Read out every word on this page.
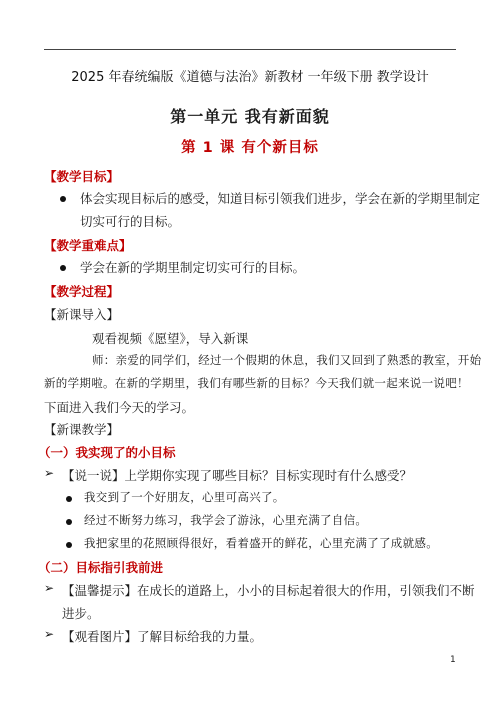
2025 年春统编版《道德与法治》新教材 一年级下册 教学设计
第一单元 我有新面貌
第 1 课 有个新目标
【教学目标】
体会实现目标后的感受，知道目标引领我们进步，学会在新的学期里制定
切实可行的目标。
【教学重难点】
学会在新的学期里制定切实可行的目标。
【教学过程】
【新课导入】
观看视频《愿望》，导入新课
师：亲爱的同学们，经过一个假期的休息，我们又回到了熟悉的教室，开始
新的学期啦。在新的学期里，我们有哪些新的目标？今天我们就一起来说一说吧！
下面进入我们今天的学习。
【新课教学】
（一）我实现了的小目标
➢ 【说一说】上学期你实现了哪些目标？目标实现时有什么感受？
我交到了一个好朋友，心里可高兴了。
经过不断努力练习，我学会了游泳，心里充满了自信。
我把家里的花照顾得很好，看着盛开的鲜花，心里充满了了成就感。
（二）目标指引我前进
➢ 【温馨提示】在成长的道路上，小小的目标起着很大的作用，引领我们不断
进步。
➢ 【观看图片】了解目标给我的力量。
1
